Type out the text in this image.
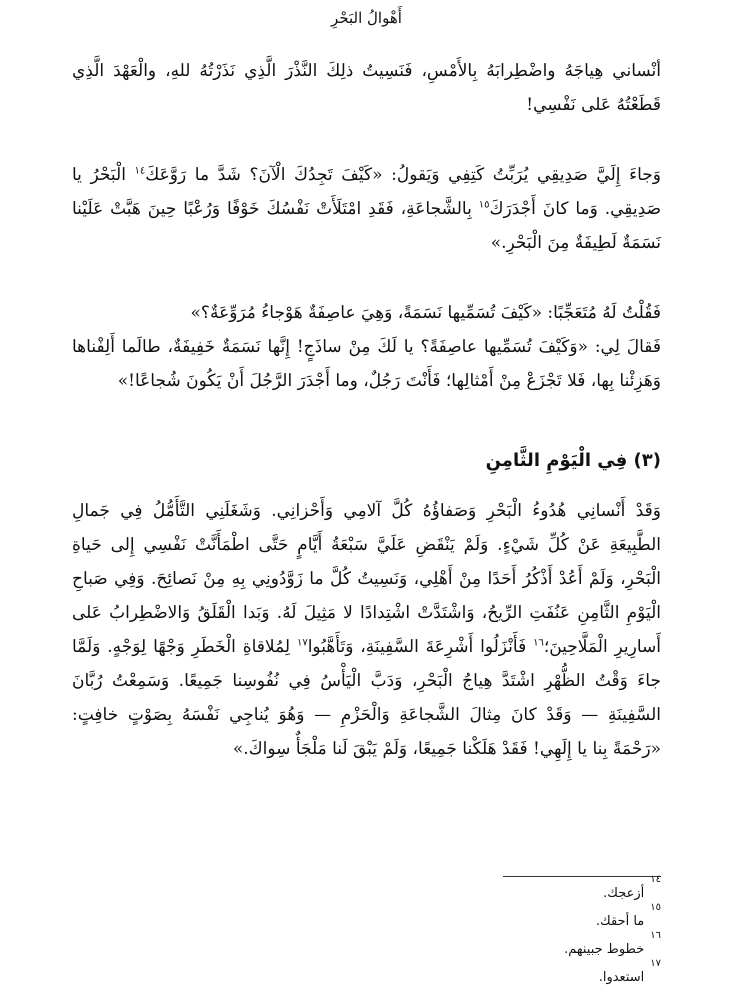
أَهْوالُ البَحْرِ

أنْساني هِياجَهُ واضْطِرابَهُ بِالأَمْسِ، فَنَسِيتُ ذلِكَ النَّذْرَ الَّذِي نَذَرْتُهُ للهِ، والْعَهْدَ الَّذِي قَطَعْتُهُ عَلى نَفْسِي!

وَجاءَ إِلَيَّ صَدِيقِي يُرَبِّتُ كَتِفِي وَيَقولُ: «كَيْفَ تَجِدُكَ الْآنَ؟ شَدَّ ما رَوَّعَكَ$^{١٤}$ الْبَحْرُ يا صَدِيقِي. وَما كانَ أَجْدَرَكَ$^{١٥}$ بِالشَّجاعَةِ، فَقَدِ امْتَلَأَتْ نَفْسُكَ خَوْفًا وَرُعْبًا حِينَ هَبَّتْ عَلَيْنا نَسَمَةٌ لَطِيفَةٌ مِنَ الْبَحْرِ.»

فَقُلْتُ لَهُ مُتَعَجِّبًا: «كَيْفَ تُسَمِّيها نَسَمَةً، وَهِيَ عاصِفَةٌ هَوْجاءُ مُرَوِّعَةٌ؟»

فَقالَ لِي: «وَكَيْفَ تُسَمِّيها عاصِفَةً؟ يا لَكَ مِنْ ساذَجٍ! إِنَّها نَسَمَةٌ خَفِيفَةٌ، طالَما أَلِفْناها وَهَزِئْنا بِها، فَلا تَجْزَعْ مِنْ أَمْثالِها؛ فَأَنْتَ رَجُلٌ، وما أَجْدَرَ الرَّجُلَ أَنْ يَكُونَ شُجاعًا!»

(٣) فِي الْيَوْمِ الثَّامِنِ

وَقَدْ أَنْسانِي هُدُوءُ الْبَحْرِ وَصَفاؤُهُ كُلَّ آلامِي وَأَحْزانِي. وَشَغَلَنِي التَّأَمُّلُ فِي جَمالِ الطَّبِيعَةِ عَنْ كُلِّ شَيْءٍ. وَلَمْ يَنْقَضِ عَلَيَّ سَبْعَةُ أَيَّامٍ حَتَّى اطْمَأَنَّتْ نَفْسِي إِلى حَياةِ الْبَحْرِ، وَلَمْ أَعُدْ أَذْكُرُ أَحَدًا مِنْ أَهْلِي، وَنَسِيتُ كُلَّ ما زَوَّدُونِي بِهِ مِنْ نَصائِحَ. وَفِي صَباحِ الْيَوْمِ الثَّامِنِ عَنُفَتِ الرِّيحُ، وَاشْتَدَّتْ اشْتِدادًا لا مَثِيلَ لَهُ. وَبَدا الْقَلَقُ وَالاضْطِرابُ عَلى أَسارِيرِ الْمَلَّاحِينَ؛$^{١٦}$ فَأَنْزَلُوا أَشْرِعَةَ السَّفِينَةِ، وَتَأَهَّبُوا$^{١٧}$ لِمُلاقاةِ الْخَطَرِ وَجْهًا لِوَجْهٍ. وَلَمَّا جاءَ وَقْتُ الظُّهْرِ اشْتَدَّ هِياجُ الْبَحْرِ، وَدَبَّ الْيَأْسُ فِي نُفُوسِنا جَمِيعًا. وَسَمِعْتُ رُبَّانَ السَّفِينَةِ — وَقَدْ كانَ مِثالَ الشَّجاعَةِ وَالْحَزْمِ — وَهُوَ يُناجِي نَفْسَهُ بِصَوْتٍ خافِتٍ: «رَحْمَةً بِنا يا إِلَهِي! فَقَدْ هَلَكْنا جَمِيعًا، وَلَمْ يَبْقَ لَنا مَلْجَأٌ سِواكَ.»

١٤
أزعجك.
١٥
ما أحقك.
١٦
خطوط جبينهم.
١٧
استعدوا.
